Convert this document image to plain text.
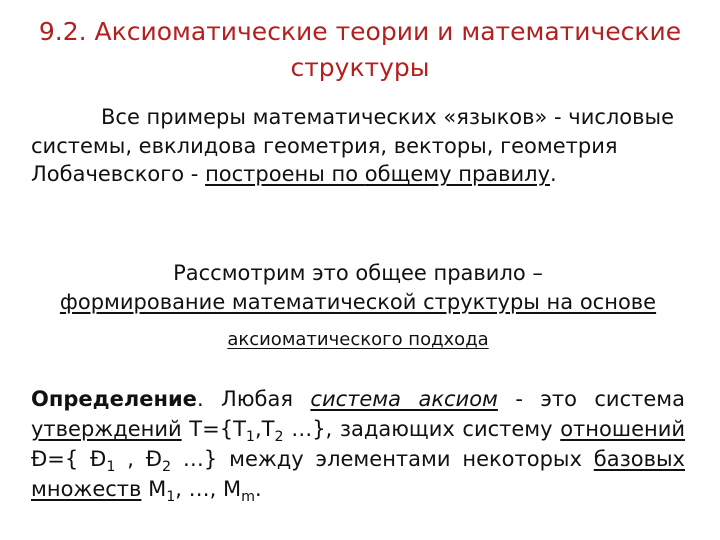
9.2. Аксиоматические теории и математические
структуры
Все примеры математических «языков» - числовые системы, евклидова геометрия, векторы, геометрия Лобачевского - построены по общему правилу.
Рассмотрим это общее правило –
формирование математической структуры на основе
аксиоматического подхода
Определение. Любая система аксиом - это система утверждений $T=\{T_1,T_2$ …}, задающих систему отношений Đ={ $Đ_1$ , $Đ_2$ …} между элементами некоторых базовых множеств $M_1$, …, $M_m$.
